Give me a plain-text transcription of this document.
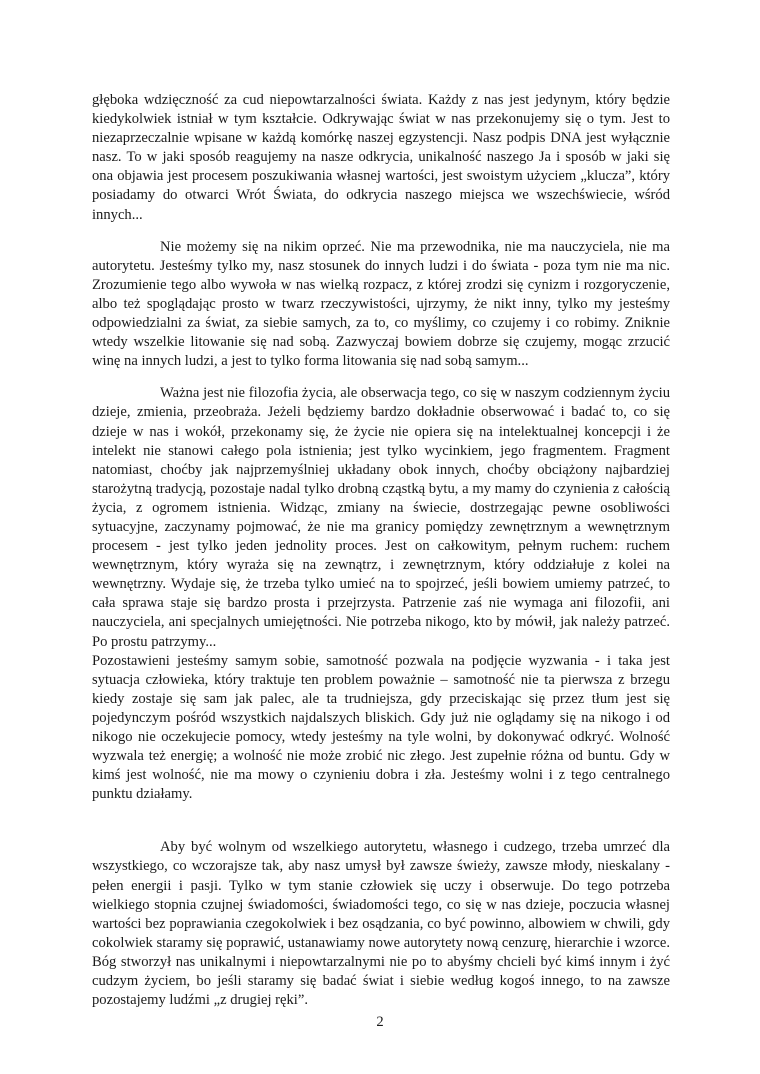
głęboka wdzięczność za cud niepowtarzalności świata. Każdy z nas jest jedynym, który będzie kiedykolwiek istniał w tym kształcie. Odkrywając świat w nas przekonujemy się o tym. Jest to niezaprzeczalnie wpisane w każdą komórkę naszej egzystencji. Nasz podpis DNA jest wyłącznie nasz. To w jaki sposób reagujemy na nasze odkrycia, unikalność naszego Ja i sposób w jaki się ona objawia jest procesem poszukiwania własnej wartości, jest swoistym użyciem „klucza”, który posiadamy do otwarci Wrót Świata, do odkrycia naszego miejsca we wszechświecie, wśród innych...

Nie możemy się na nikim oprzeć. Nie ma przewodnika, nie ma nauczyciela, nie ma autorytetu. Jesteśmy tylko my, nasz stosunek do innych ludzi i do świata - poza tym nie ma nic. Zrozumienie tego albo wywoła w nas wielką rozpacz, z której zrodzi się cynizm i rozgoryczenie, albo też spoglądając prosto w twarz rzeczywistości, ujrzymy, że nikt inny, tylko my jesteśmy odpowiedzialni za świat, za siebie samych, za to, co myślimy, co czujemy i co robimy. Zniknie wtedy wszelkie litowanie się nad sobą. Zazwyczaj bowiem dobrze się czujemy, mogąc zrzucić winę na innych ludzi, a jest to tylko forma litowania się nad sobą samym...

Ważna jest nie filozofia życia, ale obserwacja tego, co się w naszym codziennym życiu dzieje, zmienia, przeobraża. Jeżeli będziemy bardzo dokładnie obserwować i badać to, co się dzieje w nas i wokół, przekonamy się, że życie nie opiera się na intelektualnej koncepcji i że intelekt nie stanowi całego pola istnienia; jest tylko wycinkiem, jego fragmentem. Fragment natomiast, choćby jak najprzemyślniej układany obok innych, choćby obciążony najbardziej starożytną tradycją, pozostaje nadal tylko drobną cząstką bytu, a my mamy do czynienia z całością życia, z ogromem istnienia. Widząc, zmiany na świecie, dostrzegając pewne osobliwości sytuacyjne, zaczynamy pojmować, że nie ma granicy pomiędzy zewnętrznym a wewnętrznym procesem - jest tylko jeden jednolity proces. Jest on całkowitym, pełnym ruchem: ruchem wewnętrznym, który wyraża się na zewnątrz, i zewnętrznym, który oddziałuje z kolei na wewnętrzny. Wydaje się, że trzeba tylko umieć na to spojrzeć, jeśli bowiem umiemy patrzeć, to cała sprawa staje się bardzo prosta i przejrzysta. Patrzenie zaś nie wymaga ani filozofii, ani nauczyciela, ani specjalnych umiejętności. Nie potrzeba nikogo, kto by mówił, jak należy patrzeć. Po prostu patrzymy...

Pozostawieni jesteśmy samym sobie, samotność pozwala na podjęcie wyzwania - i taka jest sytuacja człowieka, który traktuje ten problem poważnie – samotność nie ta pierwsza z brzegu kiedy zostaje się sam jak palec, ale ta trudniejsza, gdy przeciskając się przez tłum jest się pojedynczym pośród wszystkich najdalszych bliskich. Gdy już nie oglądamy się na nikogo i od nikogo nie oczekujecie pomocy, wtedy jesteśmy na tyle wolni, by dokonywać odkryć. Wolność wyzwala też energię; a wolność nie może zrobić nic złego. Jest zupełnie różna od buntu. Gdy w kimś jest wolność, nie ma mowy o czynieniu dobra i zła. Jesteśmy wolni i z tego centralnego punktu działamy.

Aby być wolnym od wszelkiego autorytetu, własnego i cudzego, trzeba umrzeć dla wszystkiego, co wczorajsze tak, aby nasz umysł był zawsze świeży, zawsze młody, nieskalany - pełen energii i pasji. Tylko w tym stanie człowiek się uczy i obserwuje. Do tego potrzeba wielkiego stopnia czujnej świadomości, świadomości tego, co się w nas dzieje, poczucia własnej wartości bez poprawiania czegokolwiek i bez osądzania, co być powinno, albowiem w chwili, gdy cokolwiek staramy się poprawić, ustanawiamy nowe autorytety nową cenzurę, hierarchie i wzorce. Bóg stworzył nas unikalnymi i niepowtarzalnymi nie po to abyśmy chcieli być kimś innym i żyć cudzym życiem, bo jeśli staramy się badać świat i siebie według kogoś innego, to na zawsze pozostajemy ludźmi „z drugiej ręki”.

2
